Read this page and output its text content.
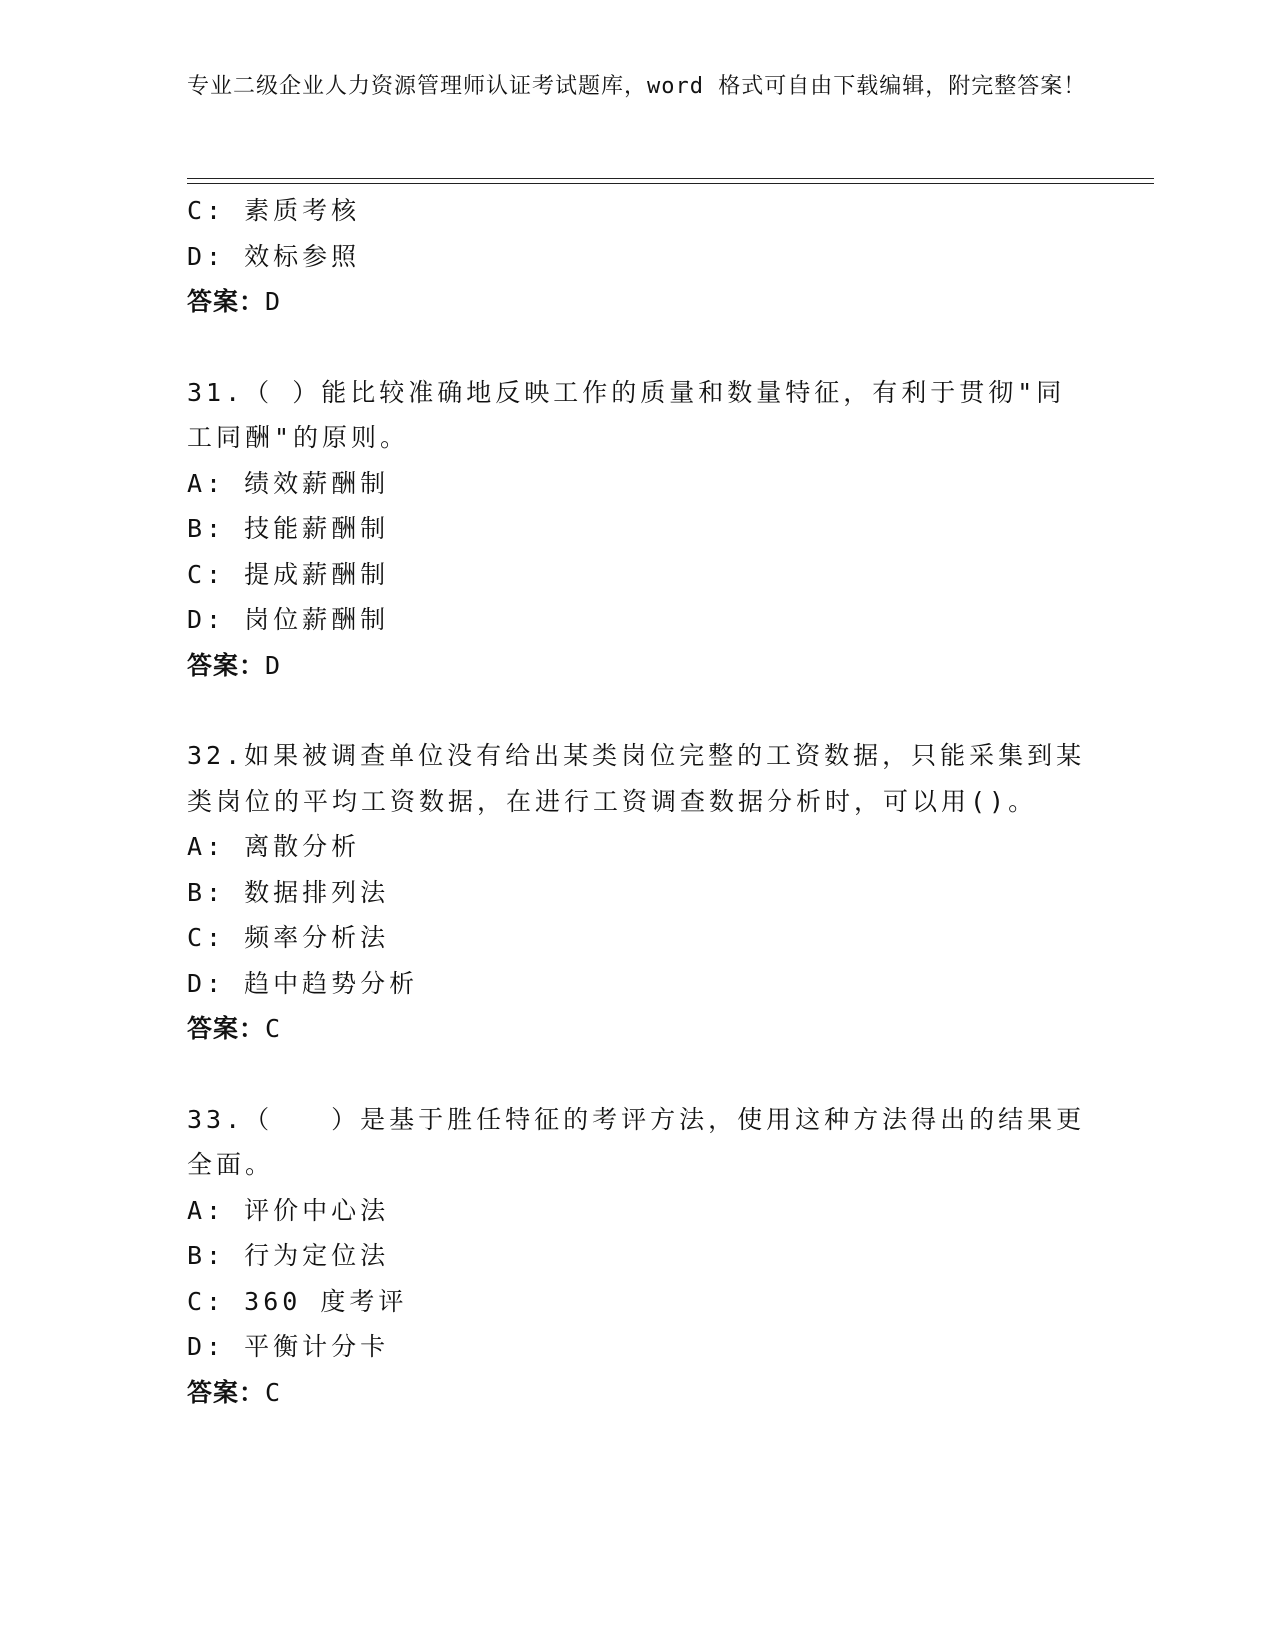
专业二级企业人力资源管理师认证考试题库，word 格式可自由下载编辑，附完整答案！
C: 素质考核
D: 效标参照
答案：D
31.（ ）能比较准确地反映工作的质量和数量特征，有利于贯彻"同工同酬"的原则。
A: 绩效薪酬制
B: 技能薪酬制
C: 提成薪酬制
D: 岗位薪酬制
答案：D
32.如果被调查单位没有给出某类岗位完整的工资数据，只能采集到某类岗位的平均工资数据，在进行工资调查数据分析时，可以用()。
A: 离散分析
B: 数据排列法
C: 频率分析法
D: 趋中趋势分析
答案：C
33.（　　）是基于胜任特征的考评方法，使用这种方法得出的结果更全面。
A: 评价中心法
B: 行为定位法
C: 360 度考评
D: 平衡计分卡
答案：C
